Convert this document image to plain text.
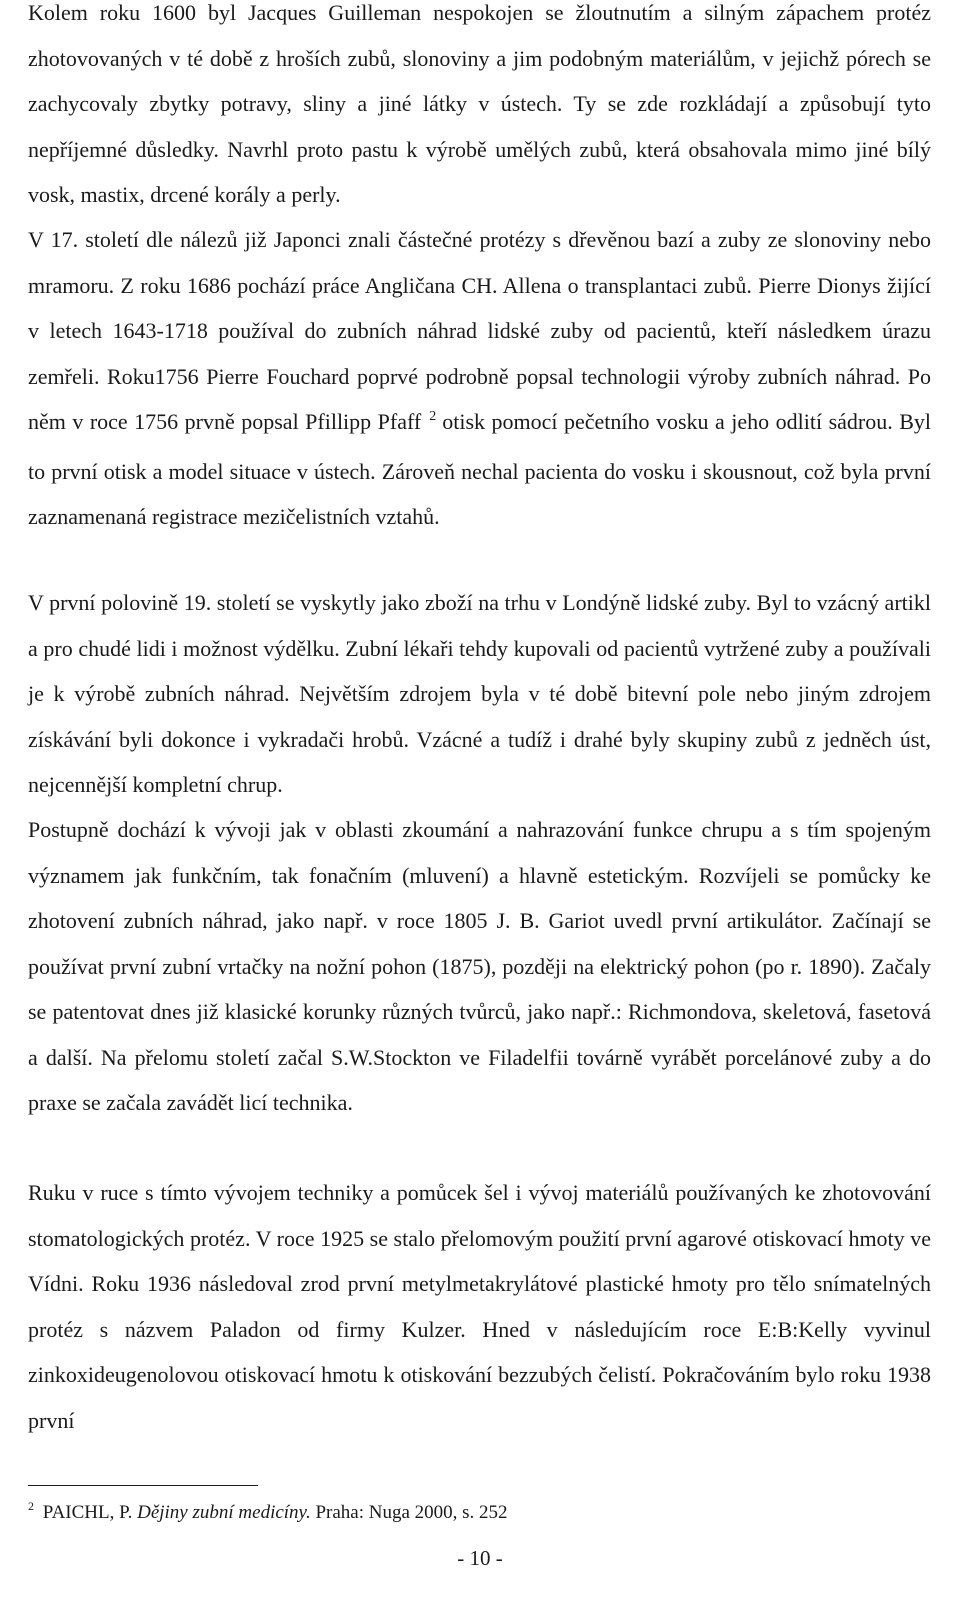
Kolem roku 1600 byl Jacques Guilleman nespokojen se žloutnutím a silným zápachem protéz zhotovovaných v té době z hroších zubů, slonoviny a jim podobným materiálům, v jejichž pórech se zachycovaly zbytky potravy, sliny a jiné látky v ústech. Ty se zde rozkládají a způsobují tyto nepříjemné důsledky. Navrhl proto pastu k výrobě umělých zubů, která obsahovala mimo jiné bílý vosk, mastix, drcené korály a perly.

V 17. století dle nálezů již Japonci znali částečné protézy s dřevěnou bazí a zuby ze slonoviny nebo mramoru. Z roku 1686 pochází práce Angličana CH. Allena o transplantaci zubů. Pierre Dionys žijící v letech 1643-1718 používal do zubních náhrad lidské zuby od pacientů, kteří následkem úrazu zemřeli. Roku1756 Pierre Fouchard poprvé podrobně popsal technologii výroby zubních náhrad. Po něm v roce 1756 prvně popsal Pfillipp Pfaff $^2$ otisk pomocí pečetního vosku a jeho odlití sádrou. Byl to první otisk a model situace v ústech. Zároveň nechal pacienta do vosku i skousnout, což byla první zaznamenaná registrace mezičelistních vztahů.

V první polovině 19. století se vyskytly jako zboží na trhu v Londýně lidské zuby. Byl to vzácný artikl a pro chudé lidi i možnost výdělku. Zubní lékaři tehdy kupovali od pacientů vytržené zuby a používali je k výrobě zubních náhrad. Největším zdrojem byla v té době bitevní pole nebo jiným zdrojem získávání byli dokonce i vykradači hrobů. Vzácné a tudíž i drahé byly skupiny zubů z jedněch úst, nejcennější kompletní chrup.

Postupně dochází k vývoji jak v oblasti zkoumání a nahrazování funkce chrupu a s tím spojeným významem jak funkčním, tak fonačním (mluvení) a hlavně estetickým. Rozvíjeli se pomůcky ke zhotovení zubních náhrad, jako např. v roce 1805 J. B. Gariot uvedl první artikulátor. Začínají se používat první zubní vrtačky na nožní pohon (1875), později na elektrický pohon (po r. 1890). Začaly se patentovat dnes již klasické korunky různých tvůrců, jako např.: Richmondova, skeletová, fasetová a další. Na přelomu století začal S.W.Stockton ve Filadelfii továrně vyrábět porcelánové zuby a do praxe se začala zavádět licí technika.

Ruku v ruce s tímto vývojem techniky a pomůcek šel i vývoj materiálů používaných ke zhotovování stomatologických protéz. V roce 1925 se stalo přelomovým použití první agarové otiskovací hmoty ve Vídni. Roku 1936 následoval zrod první metylmetakrylátové plastické hmoty pro tělo snímatelných protéz s názvem Paladon od firmy Kulzer. Hned v následujícím roce E:B:Kelly vyvinul zinkoxideugenolovou otiskovací hmotu k otiskování bezzubých čelistí. Pokračováním bylo roku 1938 první

$^2$ PAICHL, P. Dějiny zubní medicíny. Praha: Nuga 2000, s. 252
- 10 -
